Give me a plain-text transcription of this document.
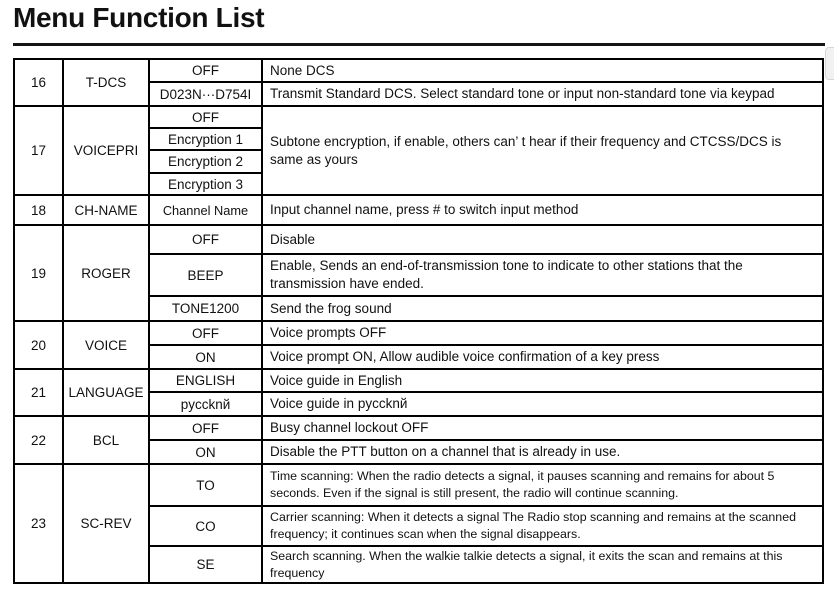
Menu Function List
16	T-DCS	OFF	None DCS
		D023N···D754I	Transmit Standard DCS. Select standard tone or input non-standard tone via keypad
17	VOICEPRI	OFF	Subtone encryption, if enable, others can’ t hear if their frequency and CTCSS/DCS is same as yours
		Encryption 1	
		Encryption 2	
		Encryption 3	
18	CH-NAME	Channel Name	Input channel name, press # to switch input method
19	ROGER	OFF	Disable
		BEEP	Enable, Sends an end-of-transmission tone to indicate to other stations that the transmission have ended.
		TONE1200	Send the frog sound
20	VOICE	OFF	Voice prompts OFF
		ON	Voice prompt ON, Allow audible voice confirmation of a key press
21	LANGUAGE	ENGLISH	Voice guide in English
		pyccknй	Voice guide in pyccknй
22	BCL	OFF	Busy channel lockout OFF
		ON	Disable the PTT button on a channel that is already in use.
23	SC-REV	TO	Time scanning: When the radio detects a signal, it pauses scanning and remains for about 5 seconds. Even if the signal is still present, the radio will continue scanning.
		CO	Carrier scanning: When it detects a signal The Radio stop scanning and remains at the scanned frequency; it continues scan when the signal disappears.
		SE	Search scanning. When the walkie talkie detects a signal, it exits the scan and remains at this frequency
